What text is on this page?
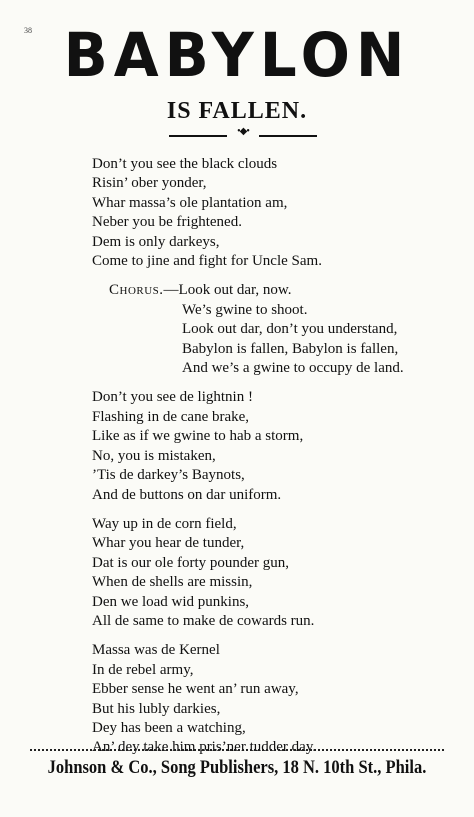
38 BABYLON
IS FALLEN.
•◆•
Don’t you see the black clouds
Risin’ ober yonder,
Whar massa’s ole plantation am,
Neber you be frightened.
Dem is only darkeys,
Come to jine and fight for Uncle Sam.
Chorus.—Look out dar, now.
We’s gwine to shoot.
Look out dar, don’t you understand,
Babylon is fallen, Babylon is fallen,
And we’s a gwine to occupy de land.
Don’t you see de lightnin !
Flashing in de cane brake,
Like as if we gwine to hab a storm,
No, you is mistaken,
’Tis de darkey’s Baynots,
And de buttons on dar uniform.
Way up in de corn field,
Whar you hear de tunder,
Dat is our ole forty pounder gun,
When de shells are missin,
Den we load wid punkins,
All de same to make de cowards run.
Massa was de Kernel
In de rebel army,
Ebber sense he went an’ run away,
But his lubly darkies,
Dey has been a watching,
An’ dey take him pris’ner tudder day.
Johnson & Co., Song Publishers, 18 N. 10th St., Phila.
